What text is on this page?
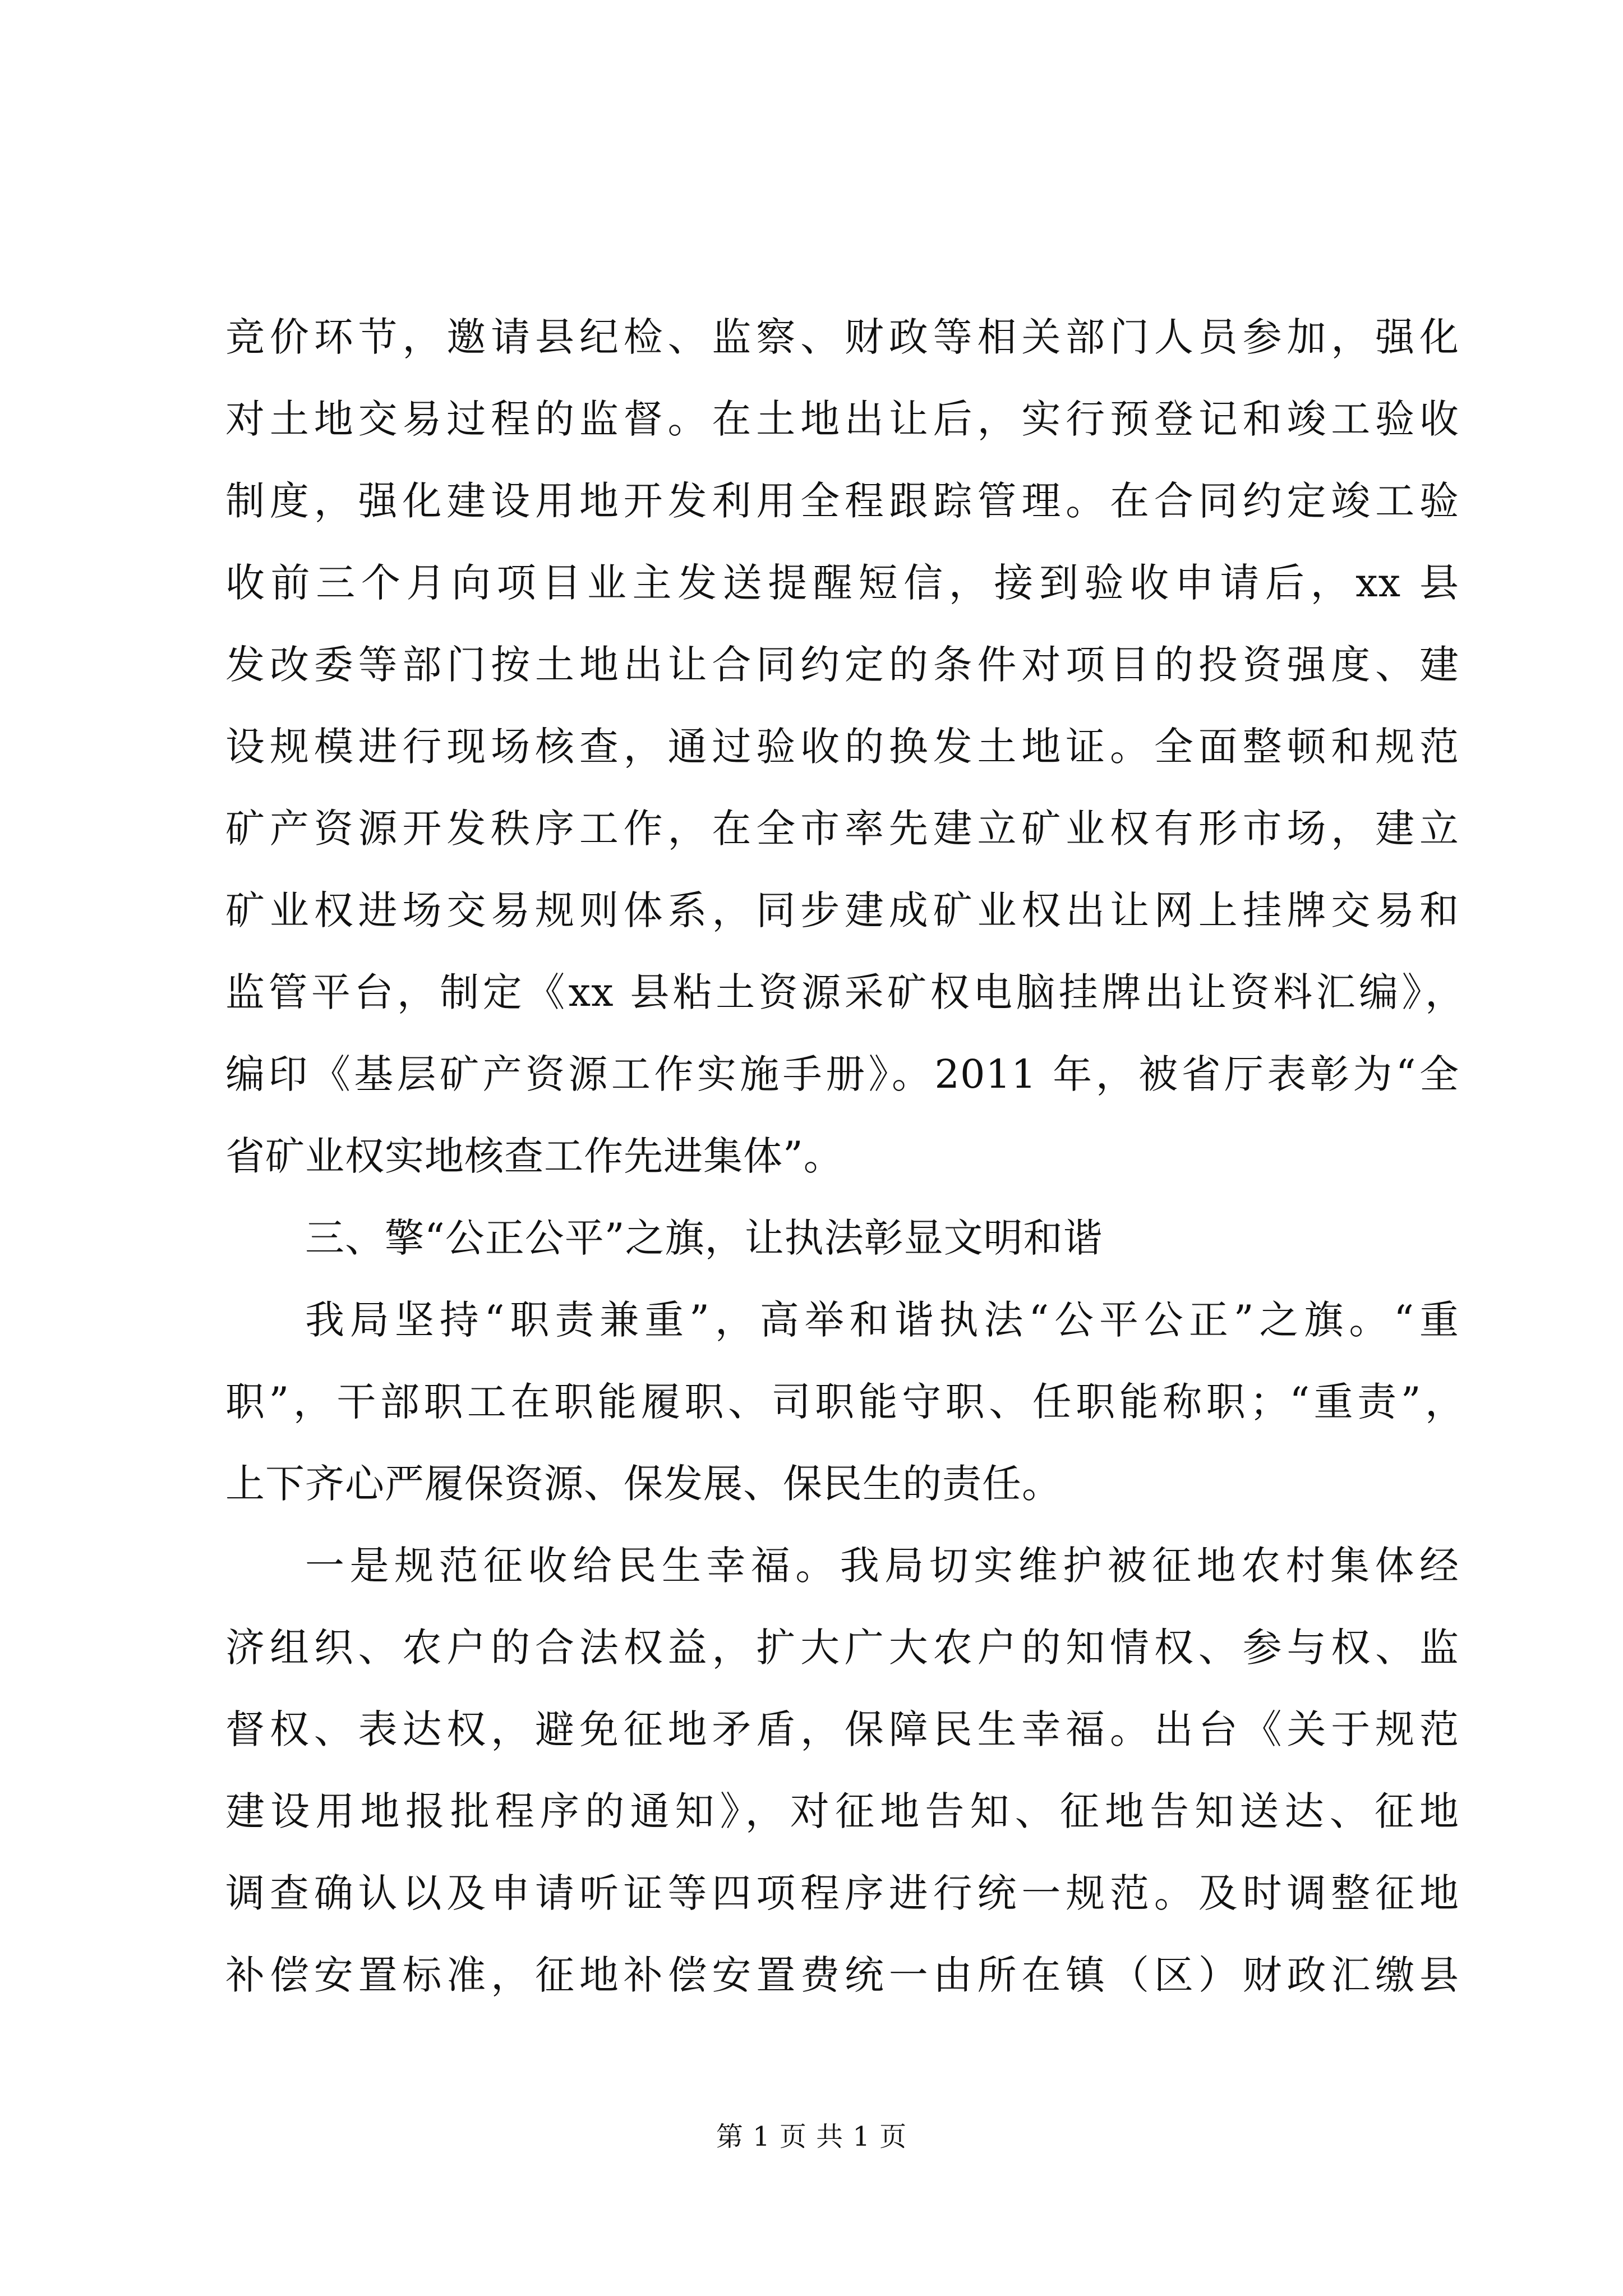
竞价环节，邀请县纪检、监察、财政等相关部门人员参加，强化
对土地交易过程的监督。在土地出让后，实行预登记和竣工验收
制度，强化建设用地开发利用全程跟踪管理。在合同约定竣工验
收前三个月向项目业主发送提醒短信，接到验收申请后，xx 县
发改委等部门按土地出让合同约定的条件对项目的投资强度、建
设规模进行现场核查，通过验收的换发土地证。全面整顿和规范
矿产资源开发秩序工作，在全市率先建立矿业权有形市场，建立
矿业权进场交易规则体系，同步建成矿业权出让网上挂牌交易和
监管平台，制定《xx 县粘土资源采矿权电脑挂牌出让资料汇编》，
编印《基层矿产资源工作实施手册》。2011 年，被省厅表彰为“全
省矿业权实地核查工作先进集体”。
三、擎“公正公平”之旗，让执法彰显文明和谐
我局坚持“职责兼重”，高举和谐执法“公平公正”之旗。“重
职”，干部职工在职能履职、司职能守职、任职能称职；“重责”，
上下齐心严履保资源、保发展、保民生的责任。
一是规范征收给民生幸福。我局切实维护被征地农村集体经
济组织、农户的合法权益，扩大广大农户的知情权、参与权、监
督权、表达权，避免征地矛盾，保障民生幸福。出台《关于规范
建设用地报批程序的通知》，对征地告知、征地告知送达、征地
调查确认以及申请听证等四项程序进行统一规范。及时调整征地
补偿安置标准，征地补偿安置费统一由所在镇（区）财政汇缴县
第 1 页 共 1 页
